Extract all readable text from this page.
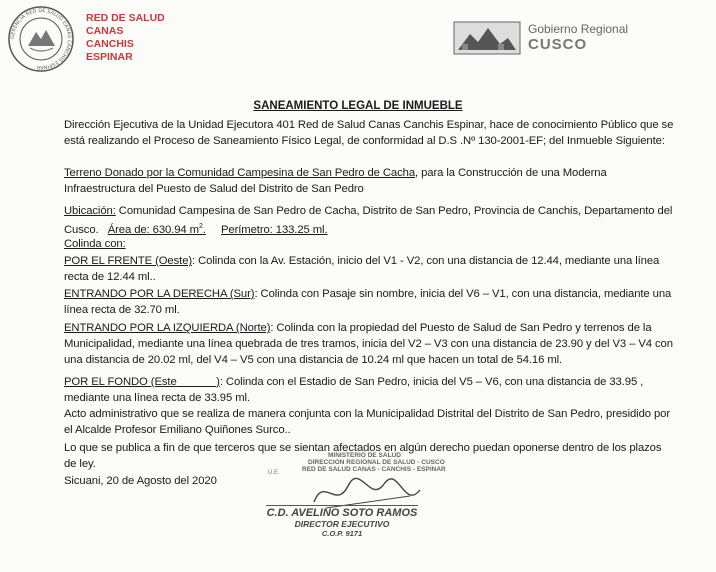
GERENCIA RED DE SALUD CANAS CANCHIS ESPINAR
RED DE SALUD
CANAS
CANCHIS
ESPINAR
Gobierno Regional
CUSCO
SANEAMIENTO LEGAL DE INMUEBLE
Dirección Ejecutiva de la Unidad Ejecutora 401 Red de Salud Canas Canchis Espinar, hace de conocimiento Público que se está realizando el Proceso de Saneamiento Físico Legal, de conformidad al D.S .Nº 130-2001-EF; del Inmueble Siguiente:
Terreno Donado por la Comunidad Campesina de San Pedro de Cacha, para la Construcción de una Moderna Infraestructura del Puesto de Salud del Distrito de San Pedro
Ubicación: Comunidad Campesina de San Pedro de Cacha, Distrito de San Pedro, Provincia de Canchis, Departamento del Cusco. Área de: 630.94 $m^2$. Perímetro: 133.25 ml.
Colinda con:
POR EL FRENTE (Oeste): Colinda con la Av. Estación, inicio del V1 - V2, con una distancia de 12.44, mediante una línea recta de 12.44 ml..
ENTRANDO POR LA DERECHA (Sur): Colinda con Pasaje sin nombre, inicia del V6 – V1, con una distancia, mediante una línea recta de 32.70 ml.
ENTRANDO POR LA IZQUIERDA (Norte): Colinda con la propiedad del Puesto de Salud de San Pedro y terrenos de la Municipalidad, mediante una línea quebrada de tres tramos, inicia del V2 – V3 con una distancia de 23.90 y del V3 – V4 con una distancia de 20.02 ml, del V4 – V5 con una distancia de 10.24 ml que hacen un total de 54.16 ml.
POR EL FONDO (Este	): Colinda con el Estadio de San Pedro, inicia del V5 – V6, con una distancia de 33.95 , mediante una línea recta de 33.95 ml.
Acto administrativo que se realiza de manera conjunta con la Municipalidad Distrital del Distrito de San Pedro, presidido por el Alcalde Profesor Emiliano Quiñones Surco..
Lo que se publica a fin de que terceros que se sientan afectados en algún derecho puedan oponerse dentro de los plazos de ley.
Sicuani, 20 de Agosto del 2020
MINISTERIO DE SALUD
DIRECCION REGIONAL DE SALUD - CUSCO
RED DE SALUD CANAS - CANCHIS - ESPINAR
U.E.
C.D. AVELINO SOTO RAMOS
DIRECTOR EJECUTIVO
C.O.P. 9171
